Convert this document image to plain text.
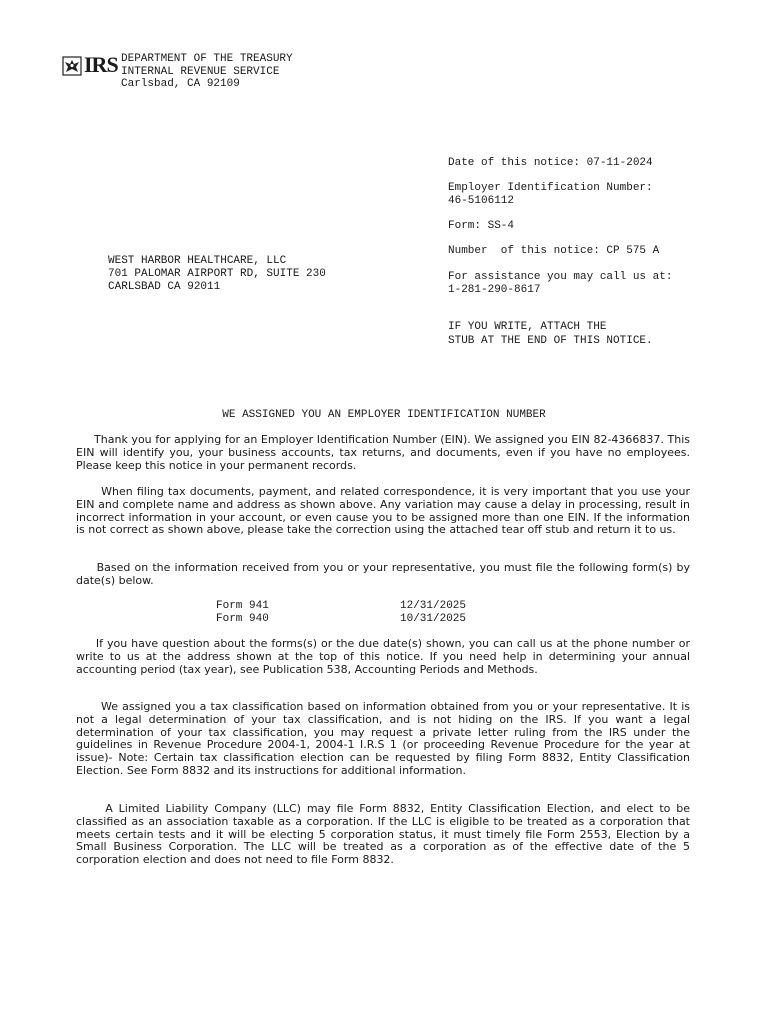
IRS DEPARTMENT OF THE TREASURY
INTERNAL REVENUE SERVICE
Carlsbad, CA 92109
Date of this notice: 07-11-2024
Employer Identification Number:
46-5106112
Form: SS-4
Number  of this notice: CP 575 A
For assistance you may call us at:
1-281-290-8617
IF YOU WRITE, ATTACH THE
STUB AT THE END OF THIS NOTICE.
WEST HARBOR HEALTHCARE, LLC
701 PALOMAR AIRPORT RD, SUITE 230
CARLSBAD CA 92011
WE ASSIGNED YOU AN EMPLOYER IDENTIFICATION NUMBER
Thank you for applying for an Employer Identification Number (EIN). We assigned you EIN 82-4366837. This EIN will identify you, your business accounts, tax returns, and documents, even if you have no employees. Please keep this notice in your permanent records.
When filing tax documents, payment, and related correspondence, it is very important that you use your EIN and complete name and address as shown above. Any variation may cause a delay in processing, result in incorrect information in your account, or even cause you to be assigned more than one EIN. If the information is not correct as shown above, please take the correction using the attached tear off stub and return it to us.
Based on the information received from you or your representative, you must file the following form(s) by date(s) below.
Form 941	12/31/2025
Form 940	10/31/2025
If you have question about the forms(s) or the due date(s) shown, you can call us at the phone number or write to us at the address shown at the top of this notice. If you need help in determining your annual accounting period (tax year), see Publication 538, Accounting Periods and Methods.
We assigned you a tax classification based on information obtained from you or your representative. It is not a legal determination of your tax classification, and is not hiding on the IRS. If you want a legal determination of your tax classification, you may request a private letter ruling from the IRS under the guidelines in Revenue Procedure 2004-1, 2004-1 I.R.S 1 (or proceeding Revenue Procedure for the year at issue)- Note: Certain tax classification election can be requested by filing Form 8832, Entity Classification Election. See Form 8832 and its instructions for additional information.
A Limited Liability Company (LLC) may file Form 8832, Entity Classification Election, and elect to be classified as an association taxable as a corporation. If the LLC is eligible to be treated as a corporation that meets certain tests and it will be electing 5 corporation status, it must timely file Form 2553, Election by a Small Business Corporation. The LLC will be treated as a corporation as of the effective date of the 5 corporation election and does not need to file Form 8832.
